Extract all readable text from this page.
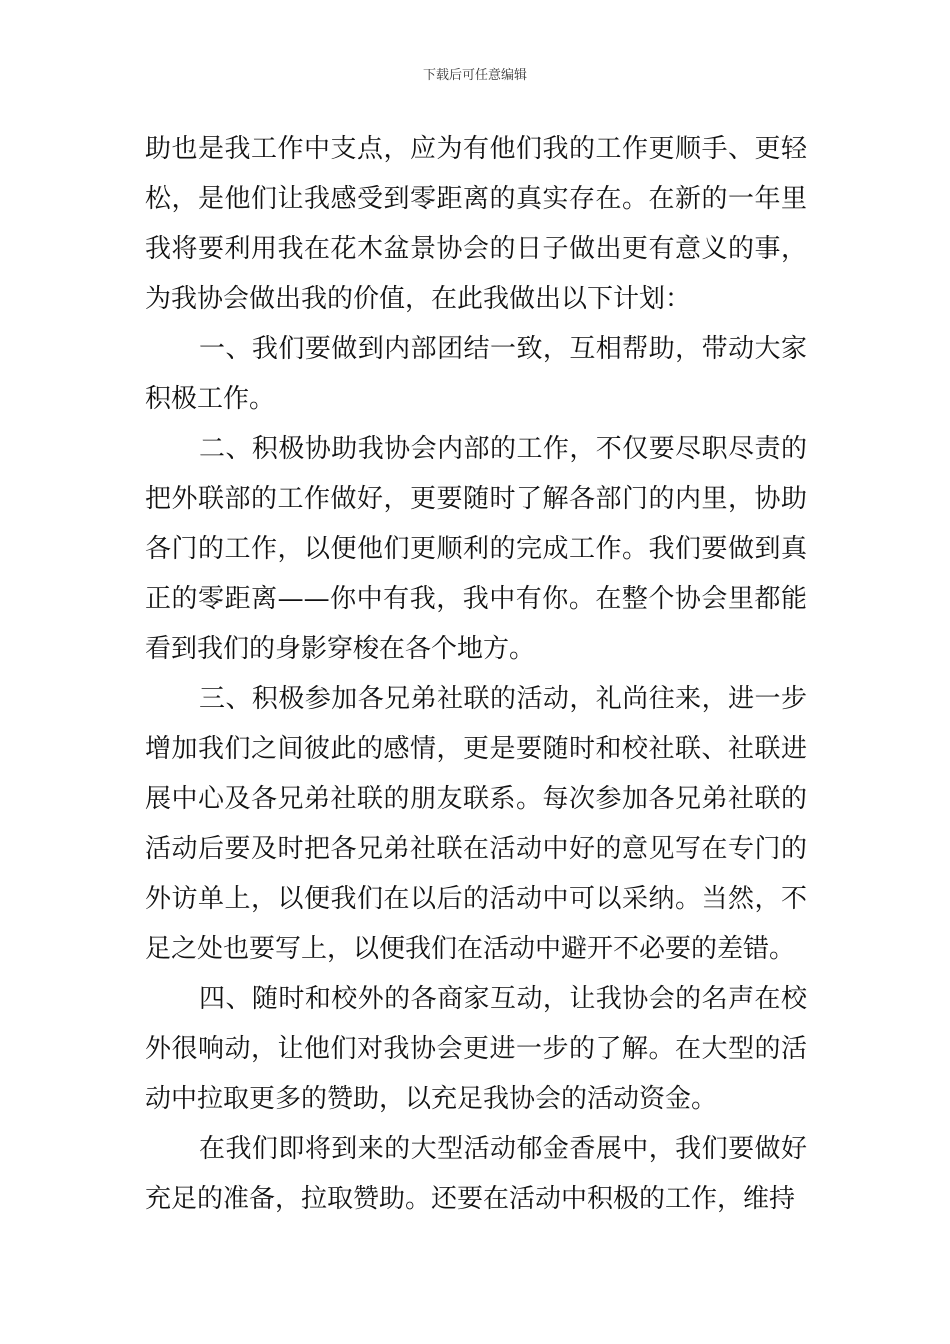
下载后可任意编辑

助也是我工作中支点，应为有他们我的工作更顺手、更轻松，是他们让我感受到零距离的真实存在。在新的一年里我将要利用我在花木盆景协会的日子做出更有意义的事，为我协会做出我的价值，在此我做出以下计划：

一、我们要做到内部团结一致，互相帮助，带动大家积极工作。

二、积极协助我协会内部的工作，不仅要尽职尽责的把外联部的工作做好，更要随时了解各部门的内里，协助各门的工作，以便他们更顺利的完成工作。我们要做到真正的零距离——你中有我，我中有你。在整个协会里都能看到我们的身影穿梭在各个地方。

三、积极参加各兄弟社联的活动，礼尚往来，进一步增加我们之间彼此的感情，更是要随时和校社联、社联进展中心及各兄弟社联的朋友联系。每次参加各兄弟社联的活动后要及时把各兄弟社联在活动中好的意见写在专门的外访单上，以便我们在以后的活动中可以采纳。当然，不足之处也要写上，以便我们在活动中避开不必要的差错。

四、随时和校外的各商家互动，让我协会的名声在校外很响动，让他们对我协会更进一步的了解。在大型的活动中拉取更多的赞助，以充足我协会的活动资金。

在我们即将到来的大型活动郁金香展中，我们要做好充足的准备，拉取赞助。还要在活动中积极的工作，维持
